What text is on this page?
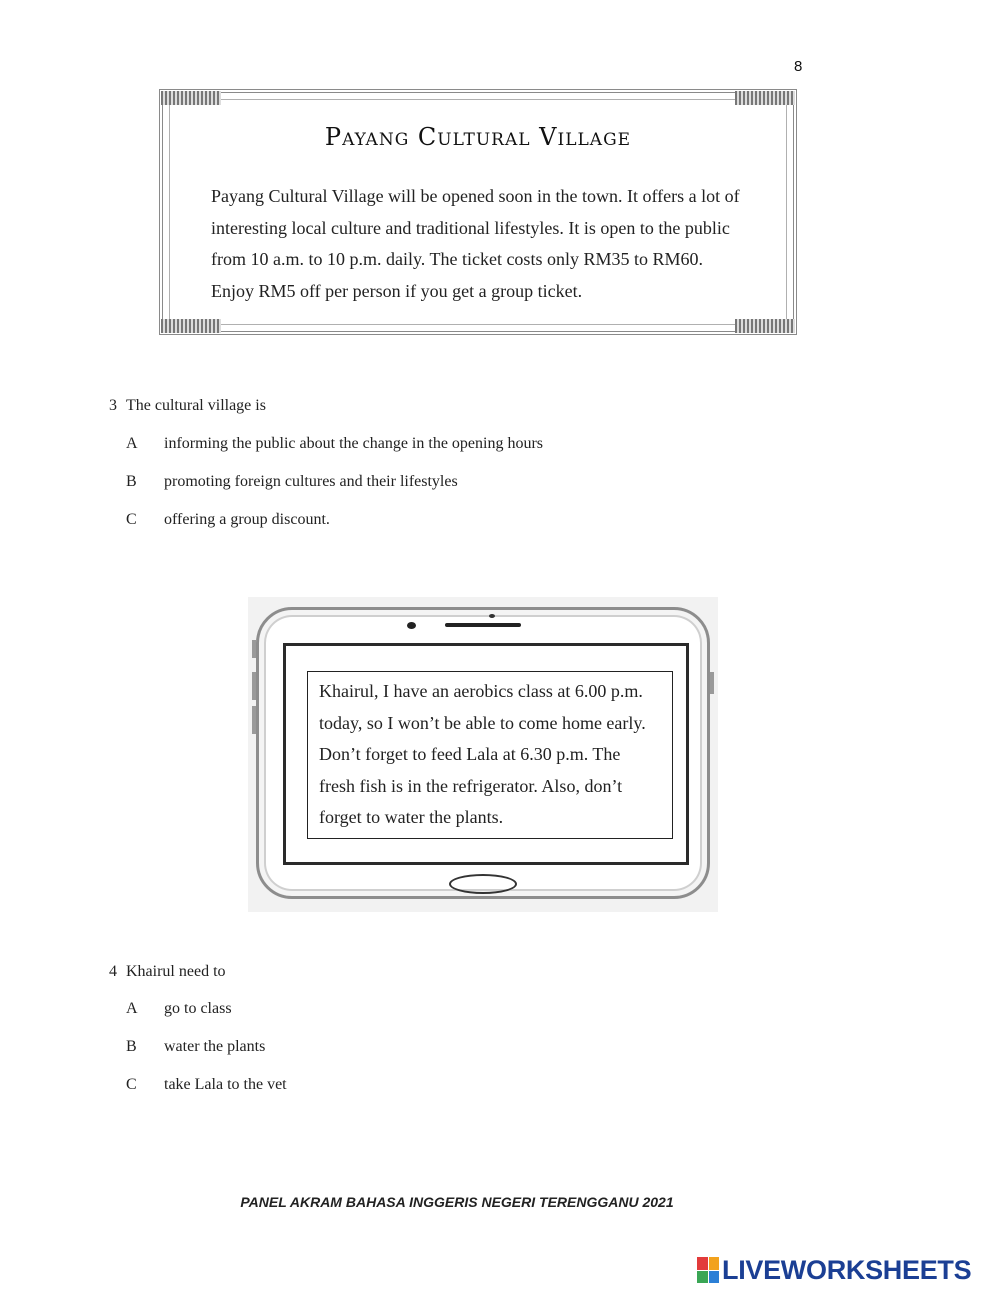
8
Payang Cultural Village
Payang Cultural Village will be opened soon in the town. It offers a lot of
interesting local culture and traditional lifestyles. It is open to the public
from 10 a.m. to 10 p.m. daily. The ticket costs only RM35 to RM60.
Enjoy RM5 off per person if you get a group ticket.
3 The cultural village is
A informing the public about the change in the opening hours
B promoting foreign cultures and their lifestyles
C offering a group discount.
Khairul, I have an aerobics class at 6.00 p.m.
today, so I won’t be able to come home early.
Don’t forget to feed Lala at 6.30 p.m. The
fresh fish is in the refrigerator. Also, don’t
forget to water the plants.
4 Khairul need to
A go to class
B water the plants
C take Lala to the vet
PANEL AKRAM BAHASA INGGERIS NEGERI TERENGGANU 2021
LIVEWORKSHEETS
